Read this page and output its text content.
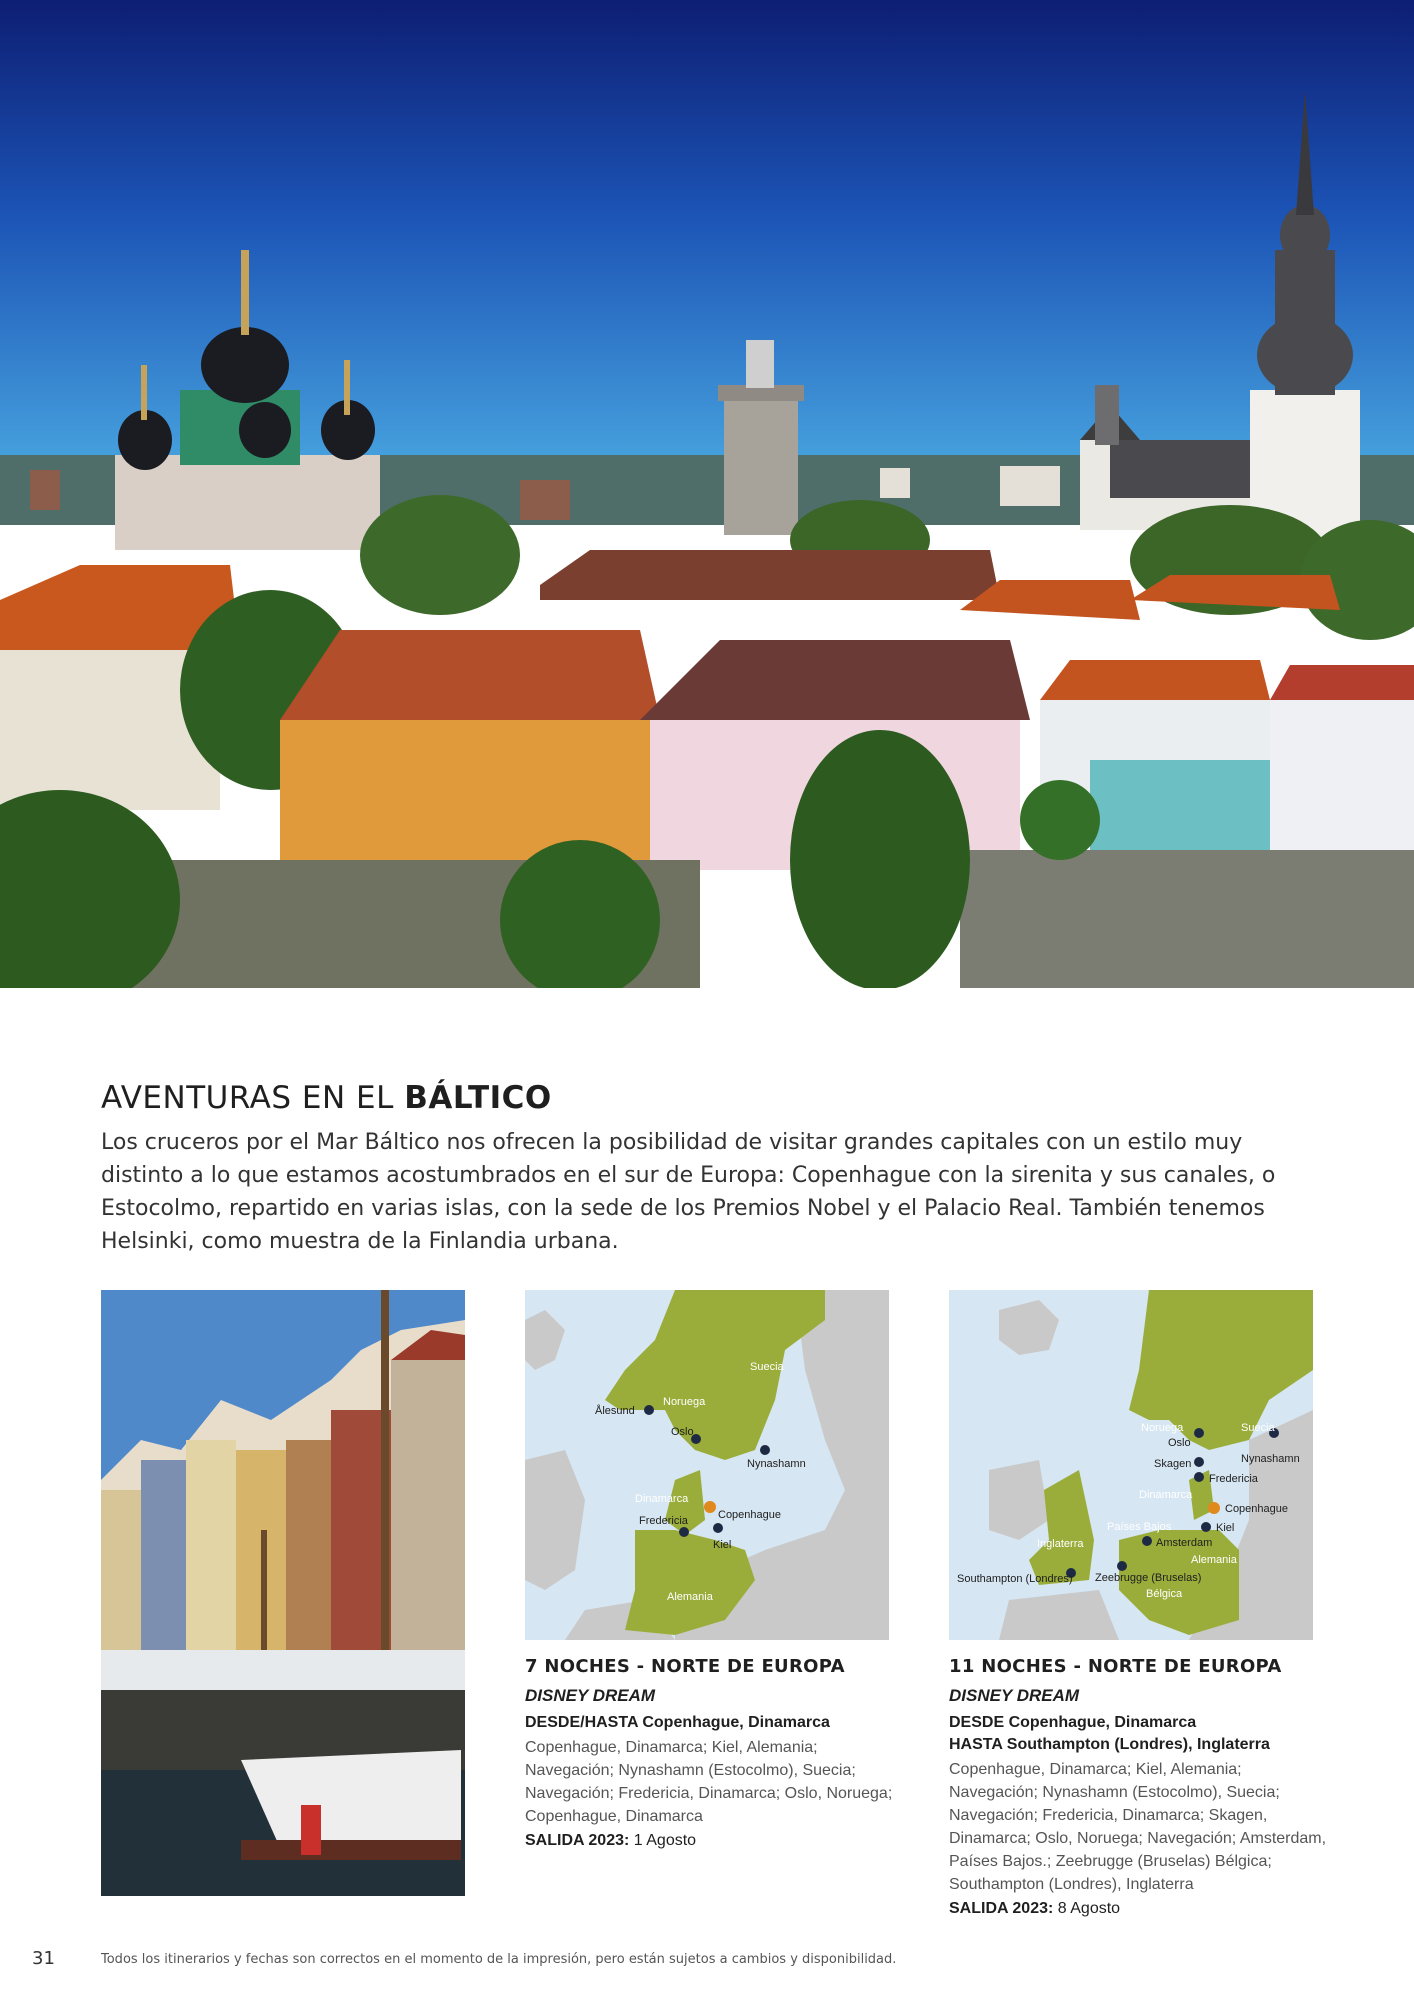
AVENTURAS EN EL BÁLTICO

Los cruceros por el Mar Báltico nos ofrecen la posibilidad de visitar grandes capitales con un estilo muy distinto a lo que estamos acostumbrados en el sur de Europa: Copenhague con la sirenita y sus canales, o Estocolmo, repartido en varias islas, con la sede de los Premios Nobel y el Palacio Real. También tenemos Helsinki, como muestra de la Finlandia urbana.

Suecia
Noruega
Ålesund
Oslo
Nynashamn
Dinamarca
Fredericia	Copenhague
Kiel
Alemania
Noruega	Suecia
Oslo
Nynashamn
Skagen
Fredericia
Dinamarca
Copenhague
Países Bajos	Kiel
Inglaterra	Amsterdam
Alemania
Southampton (Londres) Zeebrugge (Bruselas)
Bélgica
7 NOCHES - NORTE DE EUROPA
DISNEY DREAM
DESDE/HASTA Copenhague, Dinamarca
Copenhague, Dinamarca; Kiel, Alemania; Navegación; Nynashamn (Estocolmo), Suecia; Navegación; Fredericia, Dinamarca; Oslo, Noruega; Copenhague, Dinamarca
SALIDA 2023: 1 Agosto
11 NOCHES - NORTE DE EUROPA
DISNEY DREAM
DESDE Copenhague, Dinamarca
HASTA Southampton (Londres), Inglaterra
Copenhague, Dinamarca; Kiel, Alemania; Navegación; Nynashamn (Estocolmo), Suecia; Navegación; Fredericia, Dinamarca; Skagen, Dinamarca; Oslo, Noruega; Navegación; Amsterdam, Países Bajos.; Zeebrugge (Bruselas) Bélgica; Southampton (Londres), Inglaterra
SALIDA 2023: 8 Agosto
31	Todos los itinerarios y fechas son correctos en el momento de la impresión, pero están sujetos a cambios y disponibilidad.
